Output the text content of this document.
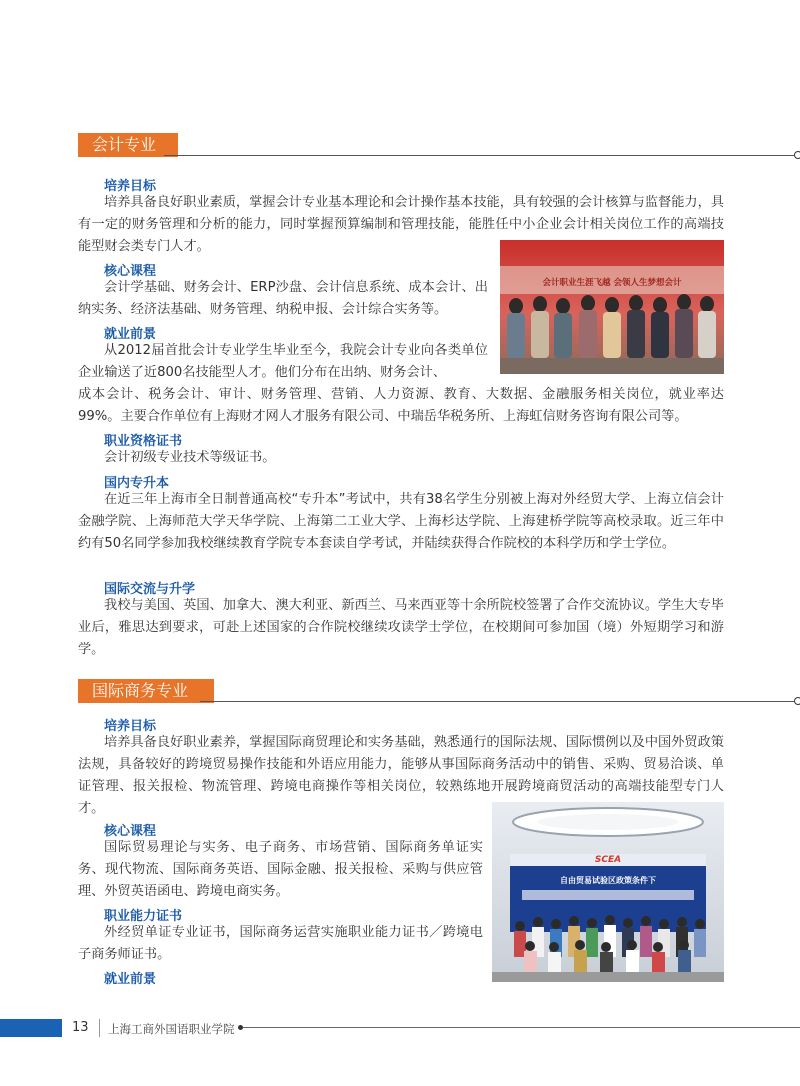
会计专业
培养目标
培养具备良好职业素质，掌握会计专业基本理论和会计操作基本技能，具有较强的会计核算与监督能力，具有一定的财务管理和分析的能力，同时掌握预算编制和管理技能，能胜任中小企业会计相关岗位工作的高端技能型财会类专门人才。
会计职业生涯飞越 会领人生梦想会计
核心课程
会计学基础、财务会计、ERP沙盘、会计信息系统、成本会计、出纳实务、经济法基础、财务管理、纳税申报、会计综合实务等。
就业前景
从2012届首批会计专业学生毕业至今，我院会计专业向各类单位企业输送了近800名技能型人才。他们分布在出纳、财务会计、
成本会计、税务会计、审计、财务管理、营销、人力资源、教育、大数据、金融服务相关岗位，就业率达99%。主要合作单位有上海财才网人才服务有限公司、中瑞岳华税务所、上海虹信财务咨询有限公司等。
职业资格证书
会计初级专业技术等级证书。
国内专升本
在近三年上海市全日制普通高校“专升本”考试中，共有38名学生分别被上海对外经贸大学、上海立信会计金融学院、上海师范大学天华学院、上海第二工业大学、上海杉达学院、上海建桥学院等高校录取。近三年中约有50名同学参加我校继续教育学院专本套读自学考试，并陆续获得合作院校的本科学历和学士学位。
国际交流与升学
我校与美国、英国、加拿大、澳大利亚、新西兰、马来西亚等十余所院校签署了合作交流协议。学生大专毕业后，雅思达到要求，可赴上述国家的合作院校继续攻读学士学位，在校期间可参加国（境）外短期学习和游学。
国际商务专业
培养目标
培养具备良好职业素养，掌握国际商贸理论和实务基础，熟悉通行的国际法规、国际惯例以及中国外贸政策法规，具备较好的跨境贸易操作技能和外语应用能力，能够从事国际商务活动中的销售、采购、贸易洽谈、单证管理、报关报检、物流管理、跨境电商操作等相关岗位，较熟练地开展跨境商贸活动的高端技能型专门人才。
SCEA
自由贸易试验区政策条件下
核心课程
国际贸易理论与实务、电子商务、市场营销、国际商务单证实务、现代物流、国际商务英语、国际金融、报关报检、采购与供应管理、外贸英语函电、跨境电商实务。
职业能力证书
外经贸单证专业证书，国际商务运营实施职业能力证书／跨境电子商务师证书。
就业前景
13 上海工商外国语职业学院
